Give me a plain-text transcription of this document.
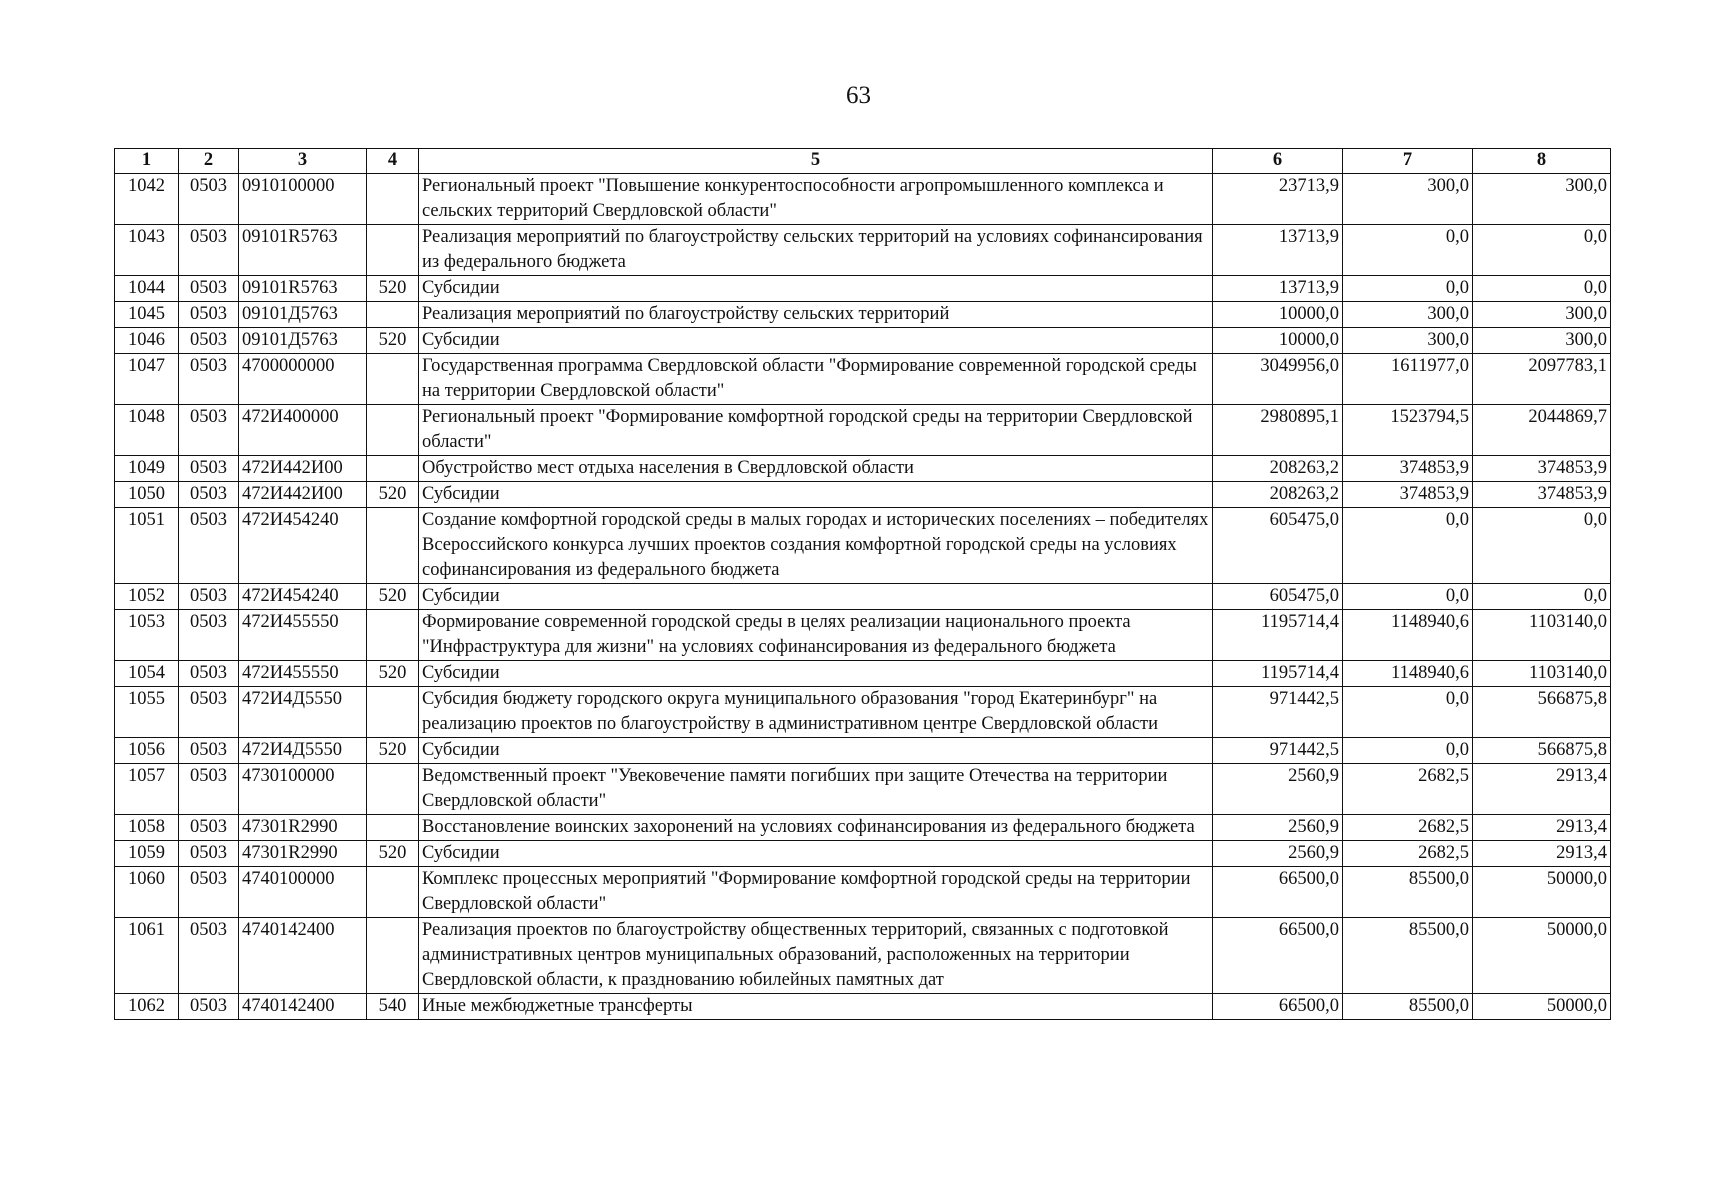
63
1	2	3	4	5	6	7	8
1042	0503	0910100000		Региональный проект "Повышение конкурентоспособности агропромышленного комплекса и сельских территорий Свердловской области"	23713,9	300,0	300,0
1043	0503	09101R5763		Реализация мероприятий по благоустройству сельских территорий на условиях софинансирования из федерального бюджета	13713,9	0,0	0,0
1044	0503	09101R5763	520	Субсидии	13713,9	0,0	0,0
1045	0503	09101Д5763		Реализация мероприятий по благоустройству сельских территорий	10000,0	300,0	300,0
1046	0503	09101Д5763	520	Субсидии	10000,0	300,0	300,0
1047	0503	4700000000		Государственная программа Свердловской области "Формирование современной городской среды на территории Свердловской области"	3049956,0	1611977,0	2097783,1
1048	0503	472И400000		Региональный проект "Формирование комфортной городской среды на территории Свердловской области"	2980895,1	1523794,5	2044869,7
1049	0503	472И442И00		Обустройство мест отдыха населения в Свердловской области	208263,2	374853,9	374853,9
1050	0503	472И442И00	520	Субсидии	208263,2	374853,9	374853,9
1051	0503	472И454240		Создание комфортной городской среды в малых городах и исторических поселениях – победителях Всероссийского конкурса лучших проектов создания комфортной городской среды на условиях софинансирования из федерального бюджета	605475,0	0,0	0,0
1052	0503	472И454240	520	Субсидии	605475,0	0,0	0,0
1053	0503	472И455550		Формирование современной городской среды в целях реализации национального проекта "Инфраструктура для жизни" на условиях софинансирования из федерального бюджета	1195714,4	1148940,6	1103140,0
1054	0503	472И455550	520	Субсидии	1195714,4	1148940,6	1103140,0
1055	0503	472И4Д5550		Субсидия бюджету городского округа муниципального образования "город Екатеринбург" на реализацию проектов по благоустройству в административном центре Свердловской области	971442,5	0,0	566875,8
1056	0503	472И4Д5550	520	Субсидии	971442,5	0,0	566875,8
1057	0503	4730100000		Ведомственный проект "Увековечение памяти погибших при защите Отечества на территории Свердловской области"	2560,9	2682,5	2913,4
1058	0503	47301R2990		Восстановление воинских захоронений на условиях софинансирования из федерального бюджета	2560,9	2682,5	2913,4
1059	0503	47301R2990	520	Субсидии	2560,9	2682,5	2913,4
1060	0503	4740100000		Комплекс процессных мероприятий "Формирование комфортной городской среды на территории Свердловской области"	66500,0	85500,0	50000,0
1061	0503	4740142400		Реализация проектов по благоустройству общественных территорий, связанных с подготовкой административных центров муниципальных образований, расположенных на территории Свердловской области, к празднованию юбилейных памятных дат	66500,0	85500,0	50000,0
1062	0503	4740142400	540	Иные межбюджетные трансферты	66500,0	85500,0	50000,0
